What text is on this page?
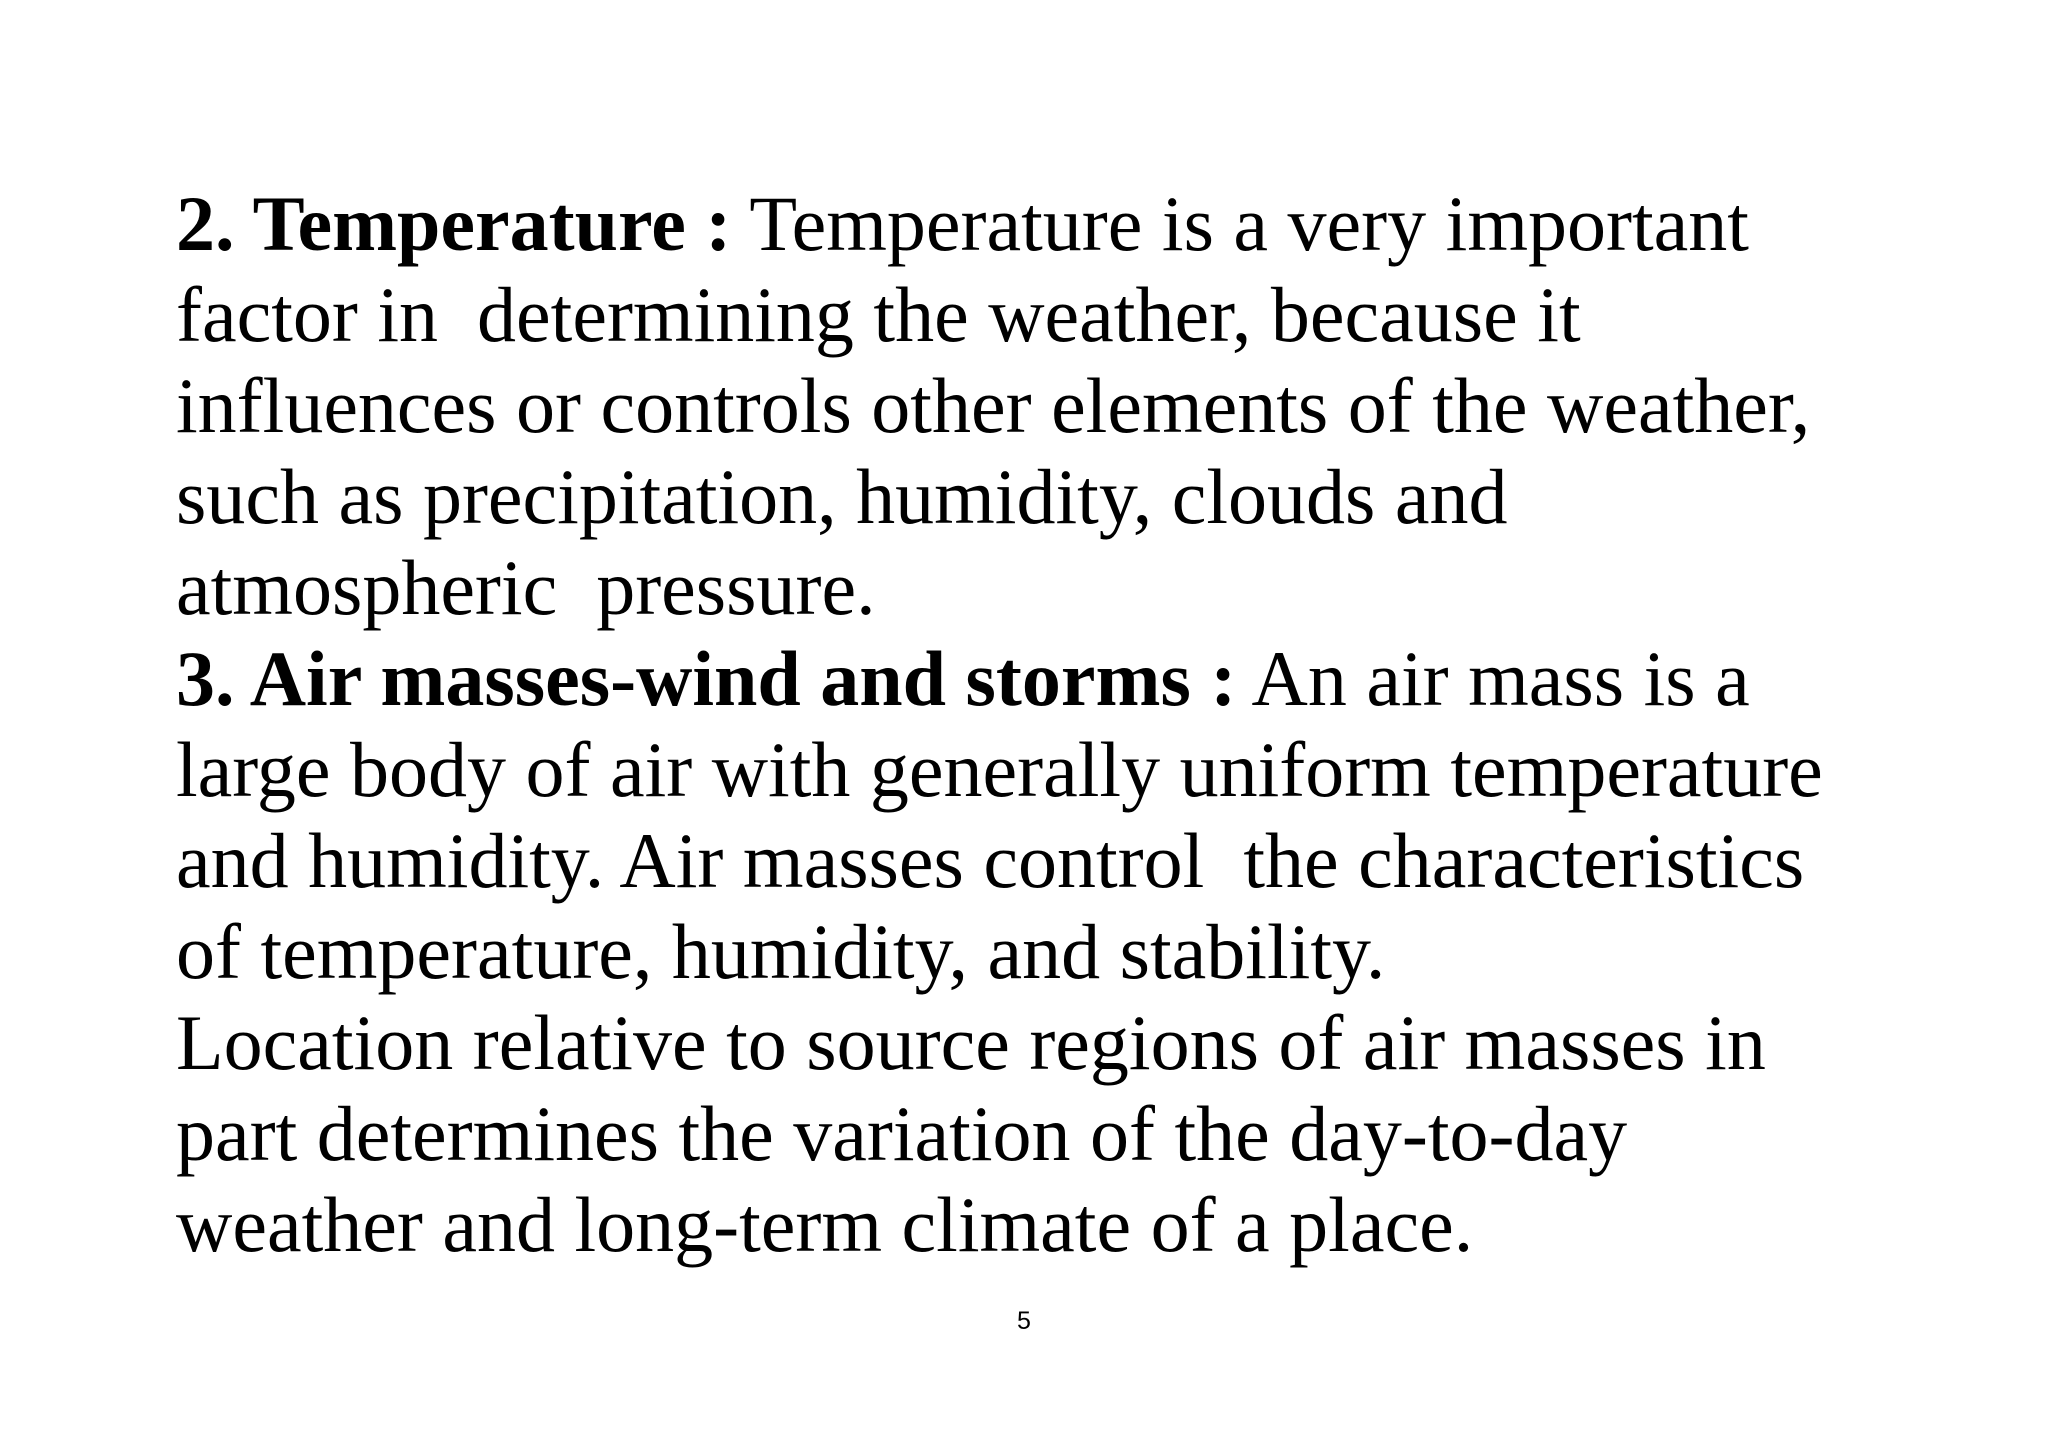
2. Temperature : Temperature is a very important
factor in  determining the weather, because it
influences or controls other elements of the weather,
such as precipitation, humidity, clouds and
atmospheric  pressure.
3. Air masses-wind and storms : An air mass is a
large body of air with generally uniform temperature
and humidity. Air masses control  the characteristics
of temperature, humidity, and stability.
Location relative to source regions of air masses in
part determines the variation of the day-to-day
weather and long-term climate of a place.
5
